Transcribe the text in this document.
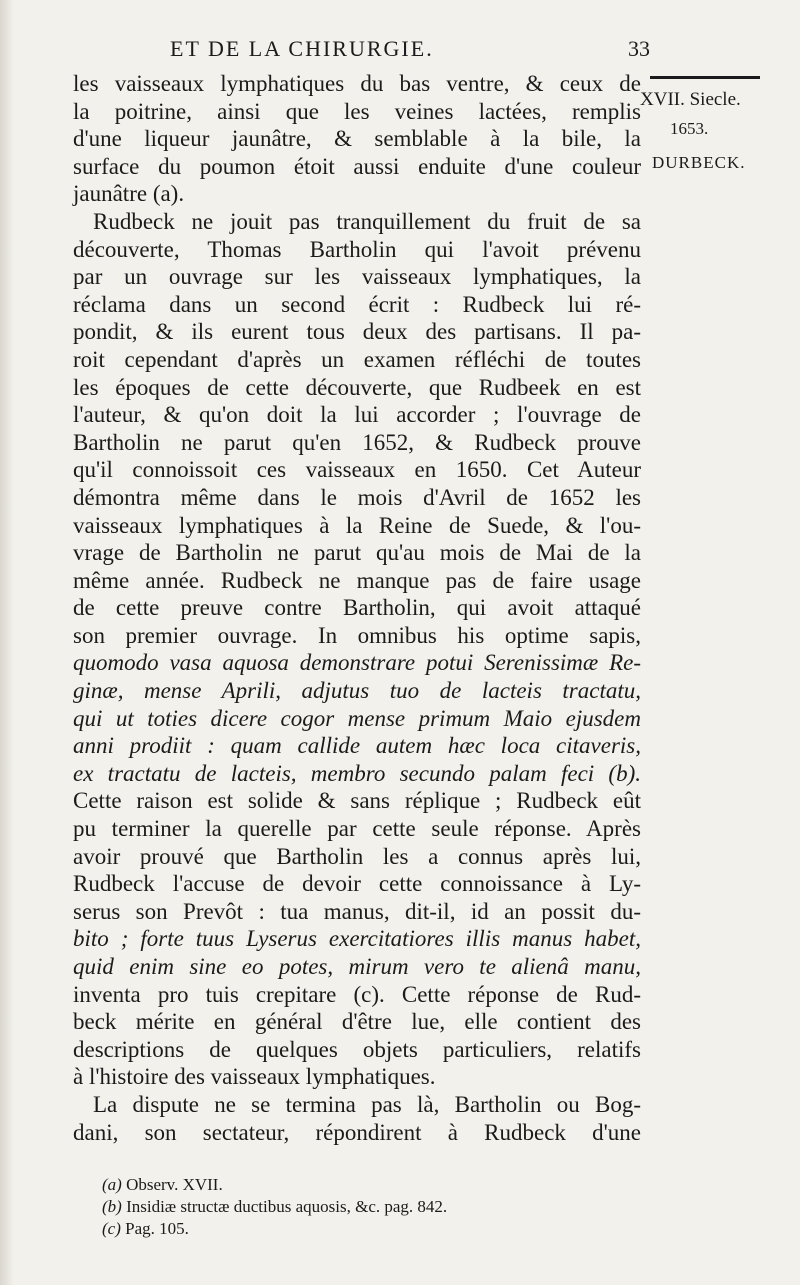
ET DE LA CHIRURGIE.	33
XVII. Siecle.
1653.
DURBECK.
les vaisseaux lymphatiques du bas ventre, & ceux de
la poitrine, ainsi que les veines lactées, remplis
d'une liqueur jaunâtre, & semblable à la bile, la
surface du poumon étoit aussi enduite d'une couleur
jaunâtre (a).
Rudbeck ne jouit pas tranquillement du fruit de sa
découverte, Thomas Bartholin qui l'avoit prévenu
par un ouvrage sur les vaisseaux lymphatiques, la
réclama dans un second écrit : Rudbeck lui ré-
pondit, & ils eurent tous deux des partisans. Il pa-
roit cependant d'après un examen réfléchi de toutes
les époques de cette découverte, que Rudbeek en est
l'auteur, & qu'on doit la lui accorder ; l'ouvrage de
Bartholin ne parut qu'en 1652, & Rudbeck prouve
qu'il connoissoit ces vaisseaux en 1650. Cet Auteur
démontra même dans le mois d'Avril de 1652 les
vaisseaux lymphatiques à la Reine de Suede, & l'ou-
vrage de Bartholin ne parut qu'au mois de Mai de la
même année. Rudbeck ne manque pas de faire usage
de cette preuve contre Bartholin, qui avoit attaqué
son premier ouvrage. In omnibus his optime sapis,
quomodo vasa aquosa demonstrare potui Serenissimæ Re-
ginæ, mense Aprili, adjutus tuo de lacteis tractatu,
qui ut toties dicere cogor mense primum Maio ejusdem
anni prodiit : quam callide autem hæc loca citaveris,
ex tractatu de lacteis, membro secundo palam feci (b).
Cette raison est solide & sans réplique ; Rudbeck eût
pu terminer la querelle par cette seule réponse. Après
avoir prouvé que Bartholin les a connus après lui,
Rudbeck l'accuse de devoir cette connoissance à Ly-
serus son Prevôt : tua manus, dit-il, id an possit du-
bito ; forte tuus Lyserus exercitatiores illis manus habet,
quid enim sine eo potes, mirum vero te alienâ manu,
inventa pro tuis crepitare (c). Cette réponse de Rud-
beck mérite en général d'être lue, elle contient des
descriptions de quelques objets particuliers, relatifs
à l'histoire des vaisseaux lymphatiques.
La dispute ne se termina pas là, Bartholin ou Bog-
dani, son sectateur, répondirent à Rudbeck d'une
(a) Observ. XVII.
(b) Insidiæ structæ ductibus aquosis, &c. pag. 842.
(c) Pag. 105.
